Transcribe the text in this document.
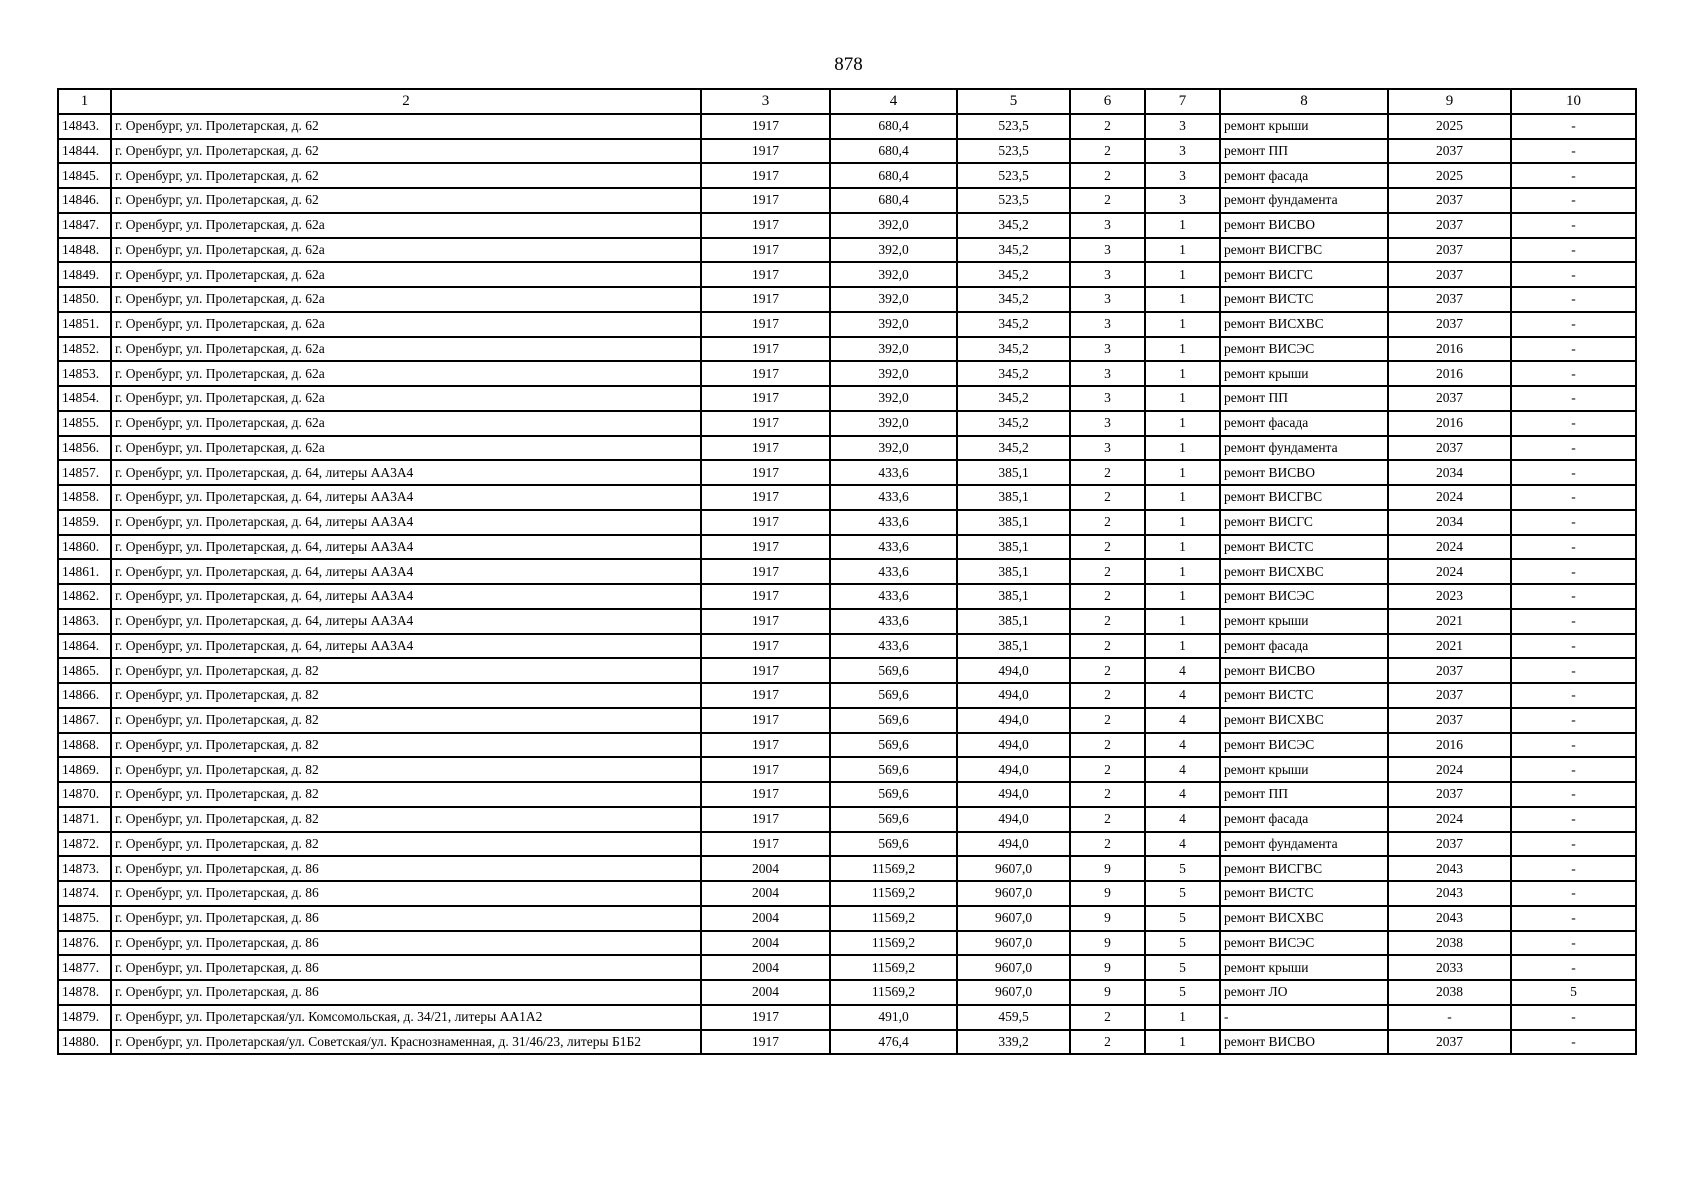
878
1	2	3	4	5	6	7	8	9	10
14843.	г. Оренбург, ул. Пролетарская, д. 62	1917	680,4	523,5	2	3	ремонт крыши	2025	-
14844.	г. Оренбург, ул. Пролетарская, д. 62	1917	680,4	523,5	2	3	ремонт ПП	2037	-
14845.	г. Оренбург, ул. Пролетарская, д. 62	1917	680,4	523,5	2	3	ремонт фасада	2025	-
14846.	г. Оренбург, ул. Пролетарская, д. 62	1917	680,4	523,5	2	3	ремонт фундамента	2037	-
14847.	г. Оренбург, ул. Пролетарская, д. 62а	1917	392,0	345,2	3	1	ремонт ВИСВО	2037	-
14848.	г. Оренбург, ул. Пролетарская, д. 62а	1917	392,0	345,2	3	1	ремонт ВИСГВС	2037	-
14849.	г. Оренбург, ул. Пролетарская, д. 62а	1917	392,0	345,2	3	1	ремонт ВИСГС	2037	-
14850.	г. Оренбург, ул. Пролетарская, д. 62а	1917	392,0	345,2	3	1	ремонт ВИСТС	2037	-
14851.	г. Оренбург, ул. Пролетарская, д. 62а	1917	392,0	345,2	3	1	ремонт ВИСХВС	2037	-
14852.	г. Оренбург, ул. Пролетарская, д. 62а	1917	392,0	345,2	3	1	ремонт ВИСЭС	2016	-
14853.	г. Оренбург, ул. Пролетарская, д. 62а	1917	392,0	345,2	3	1	ремонт крыши	2016	-
14854.	г. Оренбург, ул. Пролетарская, д. 62а	1917	392,0	345,2	3	1	ремонт ПП	2037	-
14855.	г. Оренбург, ул. Пролетарская, д. 62а	1917	392,0	345,2	3	1	ремонт фасада	2016	-
14856.	г. Оренбург, ул. Пролетарская, д. 62а	1917	392,0	345,2	3	1	ремонт фундамента	2037	-
14857.	г. Оренбург, ул. Пролетарская, д. 64, литеры АА3А4	1917	433,6	385,1	2	1	ремонт ВИСВО	2034	-
14858.	г. Оренбург, ул. Пролетарская, д. 64, литеры АА3А4	1917	433,6	385,1	2	1	ремонт ВИСГВС	2024	-
14859.	г. Оренбург, ул. Пролетарская, д. 64, литеры АА3А4	1917	433,6	385,1	2	1	ремонт ВИСГС	2034	-
14860.	г. Оренбург, ул. Пролетарская, д. 64, литеры АА3А4	1917	433,6	385,1	2	1	ремонт ВИСТС	2024	-
14861.	г. Оренбург, ул. Пролетарская, д. 64, литеры АА3А4	1917	433,6	385,1	2	1	ремонт ВИСХВС	2024	-
14862.	г. Оренбург, ул. Пролетарская, д. 64, литеры АА3А4	1917	433,6	385,1	2	1	ремонт ВИСЭС	2023	-
14863.	г. Оренбург, ул. Пролетарская, д. 64, литеры АА3А4	1917	433,6	385,1	2	1	ремонт крыши	2021	-
14864.	г. Оренбург, ул. Пролетарская, д. 64, литеры АА3А4	1917	433,6	385,1	2	1	ремонт фасада	2021	-
14865.	г. Оренбург, ул. Пролетарская, д. 82	1917	569,6	494,0	2	4	ремонт ВИСВО	2037	-
14866.	г. Оренбург, ул. Пролетарская, д. 82	1917	569,6	494,0	2	4	ремонт ВИСТС	2037	-
14867.	г. Оренбург, ул. Пролетарская, д. 82	1917	569,6	494,0	2	4	ремонт ВИСХВС	2037	-
14868.	г. Оренбург, ул. Пролетарская, д. 82	1917	569,6	494,0	2	4	ремонт ВИСЭС	2016	-
14869.	г. Оренбург, ул. Пролетарская, д. 82	1917	569,6	494,0	2	4	ремонт крыши	2024	-
14870.	г. Оренбург, ул. Пролетарская, д. 82	1917	569,6	494,0	2	4	ремонт ПП	2037	-
14871.	г. Оренбург, ул. Пролетарская, д. 82	1917	569,6	494,0	2	4	ремонт фасада	2024	-
14872.	г. Оренбург, ул. Пролетарская, д. 82	1917	569,6	494,0	2	4	ремонт фундамента	2037	-
14873.	г. Оренбург, ул. Пролетарская, д. 86	2004	11569,2	9607,0	9	5	ремонт ВИСГВС	2043	-
14874.	г. Оренбург, ул. Пролетарская, д. 86	2004	11569,2	9607,0	9	5	ремонт ВИСТС	2043	-
14875.	г. Оренбург, ул. Пролетарская, д. 86	2004	11569,2	9607,0	9	5	ремонт ВИСХВС	2043	-
14876.	г. Оренбург, ул. Пролетарская, д. 86	2004	11569,2	9607,0	9	5	ремонт ВИСЭС	2038	-
14877.	г. Оренбург, ул. Пролетарская, д. 86	2004	11569,2	9607,0	9	5	ремонт крыши	2033	-
14878.	г. Оренбург, ул. Пролетарская, д. 86	2004	11569,2	9607,0	9	5	ремонт ЛО	2038	5
14879.	г. Оренбург, ул. Пролетарская/ул. Комсомольская, д. 34/21, литеры АА1А2	1917	491,0	459,5	2	1	-	-	-
14880.	г. Оренбург, ул. Пролетарская/ул. Советская/ул. Краснознаменная, д. 31/46/23, литеры Б1Б2	1917	476,4	339,2	2	1	ремонт ВИСВО	2037	-
